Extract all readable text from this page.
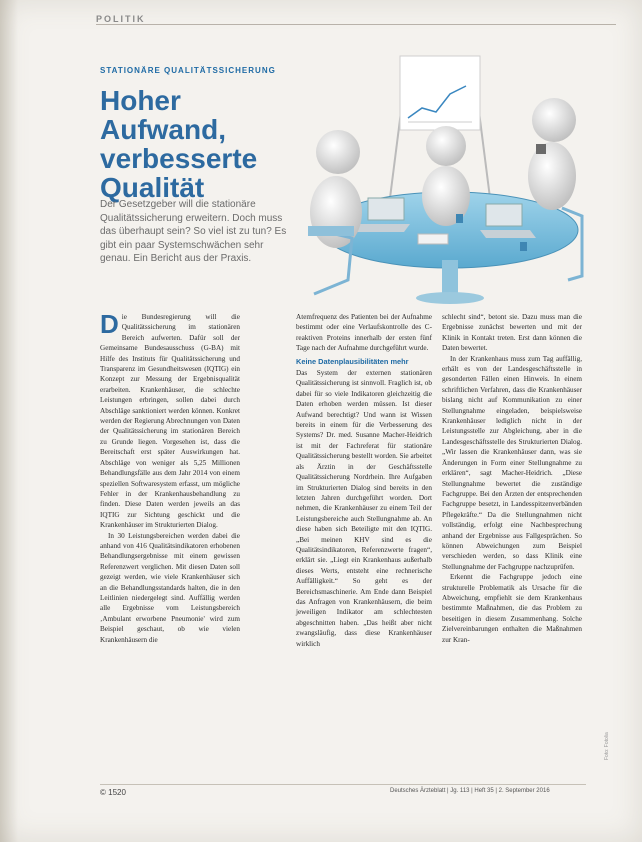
POLITIK
STATIONÄRE QUALITÄTSSICHERUNG
Hoher Aufwand, verbesserte Qualität
Der Gesetzgeber will die stationäre Qualitätssicherung erweitern. Doch muss das überhaupt sein? So viel ist zu tun? Es gibt ein paar Systemschwächen sehr genau. Ein Bericht aus der Praxis.

Die Bundesregierung will die Qualitätssicherung im stationären Bereich aufwerten. Dafür soll der Gemeinsame Bundesausschuss (G-BA) mit Hilfe des Instituts für Qualitätssicherung und Transparenz im Gesundheitswesen (IQTIG) ein Konzept zur Messung der Ergebnisqualität erarbeiten. Krankenhäuser, die schlechte Leistungen erbringen, sollen dabei durch Abschläge sanktioniert werden können. Konkret werden der Regierung Abrechnungen von Daten der Qualitätssicherung im stationären Bereich zu Grunde liegen. Vorgesehen ist, dass die Bereitschaft erst später Auswirkungen hat. Abschläge von weniger als 5,25 Millionen Behandlungsfälle aus dem Jahr 2014 von einem speziellen Softwaresystem erfasst, um mögliche Fehler in der Krankenhausbehandlung zu finden. Diese Daten werden jeweils an das IQTIG zur Sichtung geschickt und die Krankenhäuser im Strukturierten Dialog.

In 30 Leistungsbereichen werden dabei die anhand von 416 Qualitätsindikatoren erhobenen Behandlungsergebnisse mit einem gewissen Referenzwert verglichen. Mit diesen Daten soll gezeigt werden, wie viele Krankenhäuser sich an die Behandlungsstandards halten, die in den Leitlinien niedergelegt sind. Auffällig werden alle Ergebnisse vom Leistungsbereich ‚Ambulant erworbene Pneumonie' wird zum Beispiel geschaut, ob wie vielen Krankenhäusern die

Atemfrequenz des Patienten bei der Aufnahme bestimmt oder eine Verlaufskontrolle des C-reaktiven Proteins innerhalb der ersten fünf Tage nach der Aufnahme durchgeführt wurde.

Keine Datenplausibilitäten mehr

Das System der externen stationären Qualitätssicherung ist sinnvoll. Fraglich ist, ob dabei für so viele Indikatoren gleichzeitig die Daten erhoben werden müssen. Ist dieser Aufwand berechtigt? Und wann ist Wissen bereits in einem für die Verbesserung des Systems? Dr. med. Susanne Macher-Heidrich ist mit der Fachreferat für stationäre Qualitätssicherung bestellt worden. Sie arbeitet als Ärztin in der Geschäftsstelle Qualitätssicherung Nordrhein. Ihre Aufgaben im Strukturierten Dialog sind bereits in den letzten Jahren durchgeführt worden. Dort nehmen, die Krankenhäuser zu einem Teil der Leistungsbereiche auch Stellungnahme ab. An diese haben sich Beteiligte mit den IQTIG. „Bei meinen KHV sind es die Qualitätsindikatoren, Referenzwerte fragen“, erklärt sie. „Liegt ein Krankenhaus außerhalb dieses Werts, entsteht eine rechnerische Auffälligkeit.“ So geht es der Bereichsmaschinerie. Am Ende dann Beispiel das Anfragen von Krankenhäusern, die beim jeweiligen Indikator am schlechtesten abgeschnitten haben. „Das heißt aber nicht zwangsläufig, dass diese Krankenhäuser wirklich

schlecht sind“, betont sie. Dazu muss man die Ergebnisse zunächst bewerten und mit der Klinik in Kontakt treten. Erst dann können die Daten bewertet.

In der Krankenhaus muss zum Tag auffällig, erhält es von der Landesgeschäftsstelle in gesonderten Fällen einen Hinweis. In einem schriftlichen Verfahren, dass die Krankenhäuser bislang nicht auf Kommunikation zu einer Stellungnahme eingeladen, beispielsweise Krankenhäuser lediglich nicht in der Leistungsstelle zur Abgleichung, aber in die Landesgeschäftsstelle des Strukturierten Dialog. „Wir lassen die Krankenhäuser dann, was sie Änderungen in Form einer Stellungnahme zu erklären“, sagt Macher-Heidrich. „Diese Stellungnahme bewertet die zuständige Fachgruppe. Bei den Ärzten der entsprechenden Fachgruppe besetzt, in Landesspitzenverbänden Pflegekräfte.“ Da die Stellungnahmen nicht vollständig, erfolgt eine Nachbesprechung anhand der Ergebnisse aus Fallgesprächen. So können Abweichungen zum Beispiel verschieden werden, so dass Klinik eine Stellungnahme der Fachgruppe nachzuprüfen.

Erkennt die Fachgruppe jedoch eine strukturelle Problematik als Ursache für die Abweichung, empfiehlt sie dem Krankenhaus bestimmte Maßnahmen, die das Problem zu beseitigen in diesem Zusammenhang. Solche Zielvereinbarungen enthalten die Maßnahmen zur Kran-

© 1520	Deutsches Ärzteblatt | Jg. 113 | Heft 35 | 2. September 2016
Foto: Fotolia
